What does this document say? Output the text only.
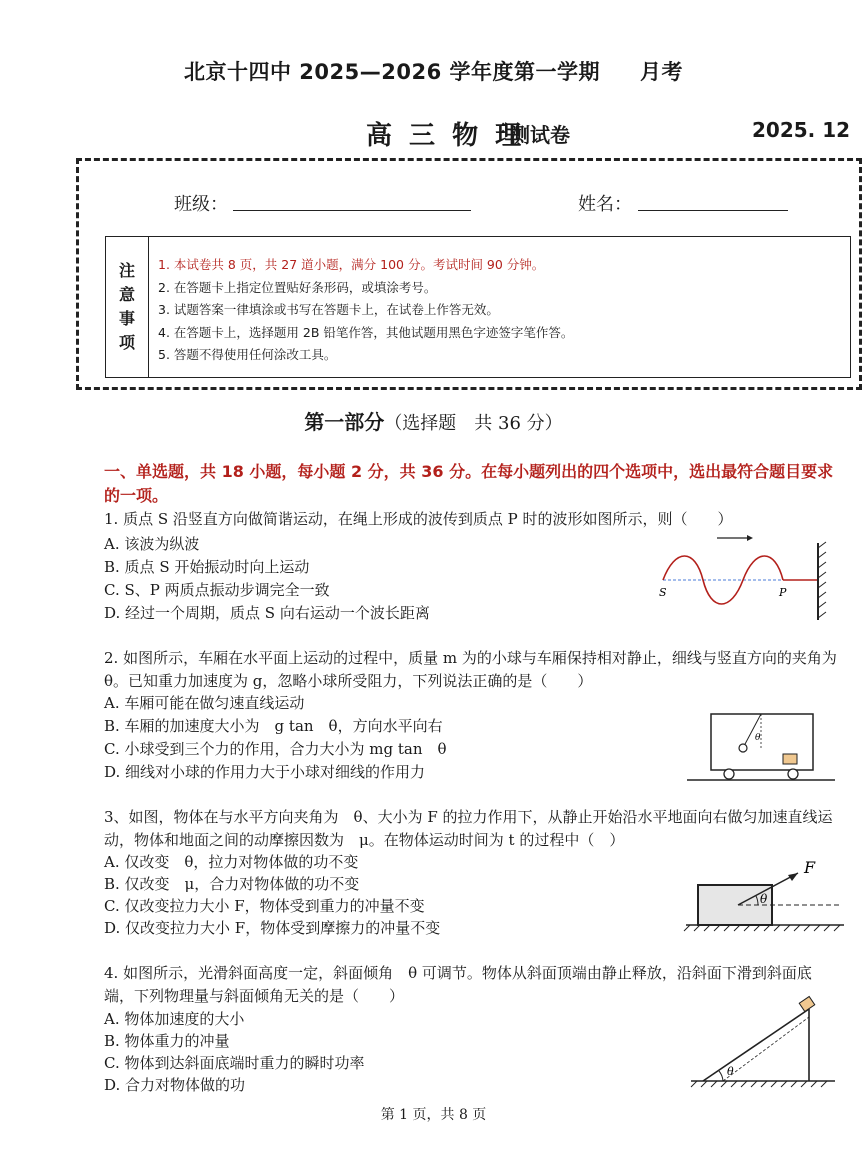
北京十四中 2025—2026 学年度第一学期 月考
高 三 物 理
测试卷	2025. 12
班级：	姓名：
注
意
事
项
1. 本试卷共 8 页，共 27 道小题，满分 100 分。考试时间 90 分钟。
2. 在答题卡上指定位置贴好条形码，或填涂考号。
3. 试题答案一律填涂或书写在答题卡上，在试卷上作答无效。
4. 在答题卡上，选择题用 2B 铅笔作答，其他试题用黑色字迹签字笔作答。
5. 答题不得使用任何涂改工具。
第一部分（选择题　共 36 分）
一、单选题，共 18 小题，每小题 2 分，共 36 分。在每小题列出的四个选项中，选出最符合题目要求的一项。
1. 质点 S 沿竖直方向做简谐运动，在绳上形成的波传到质点 P 时的波形如图所示，则（　　）
A. 该波为纵波
B. 质点 S 开始振动时向上运动
C. S、P 两质点振动步调完全一致
D. 经过一个周期，质点 S 向右运动一个波长距离
S	P
2. 如图所示，车厢在水平面上运动的过程中，质量 m 为的小球与车厢保持相对静止，细线与竖直方向的夹角为　θ。已知重力加速度为 g，忽略小球所受阻力，下列说法正确的是（　　）
A. 车厢可能在做匀速直线运动
B. 车厢的加速度大小为　g tan　θ，方向水平向右
C. 小球受到三个力的作用，合力大小为 mg tan　θ
D. 细线对小球的作用力大于小球对细线的作用力
θ
3、如图，物体在与水平方向夹角为　θ、大小为 F 的拉力作用下，从静止开始沿水平地面向右做匀加速直线运动，物体和地面之间的动摩擦因数为　μ。在物体运动时间为 t 的过程中（　）
A. 仅改变　θ，拉力对物体做的功不变
B. 仅改变　μ，合力对物体做的功不变
C. 仅改变拉力大小 F，物体受到重力的冲量不变
D. 仅改变拉力大小 F，物体受到摩擦力的冲量不变
θ
F
4. 如图所示，光滑斜面高度一定，斜面倾角　θ 可调节。物体从斜面顶端由静止释放，沿斜面下滑到斜面底端，下列物理量与斜面倾角无关的是（　　）
A. 物体加速度的大小
B. 物体重力的冲量
C. 物体到达斜面底端时重力的瞬时功率
D. 合力对物体做的功
θ
第 1 页，共 8 页
